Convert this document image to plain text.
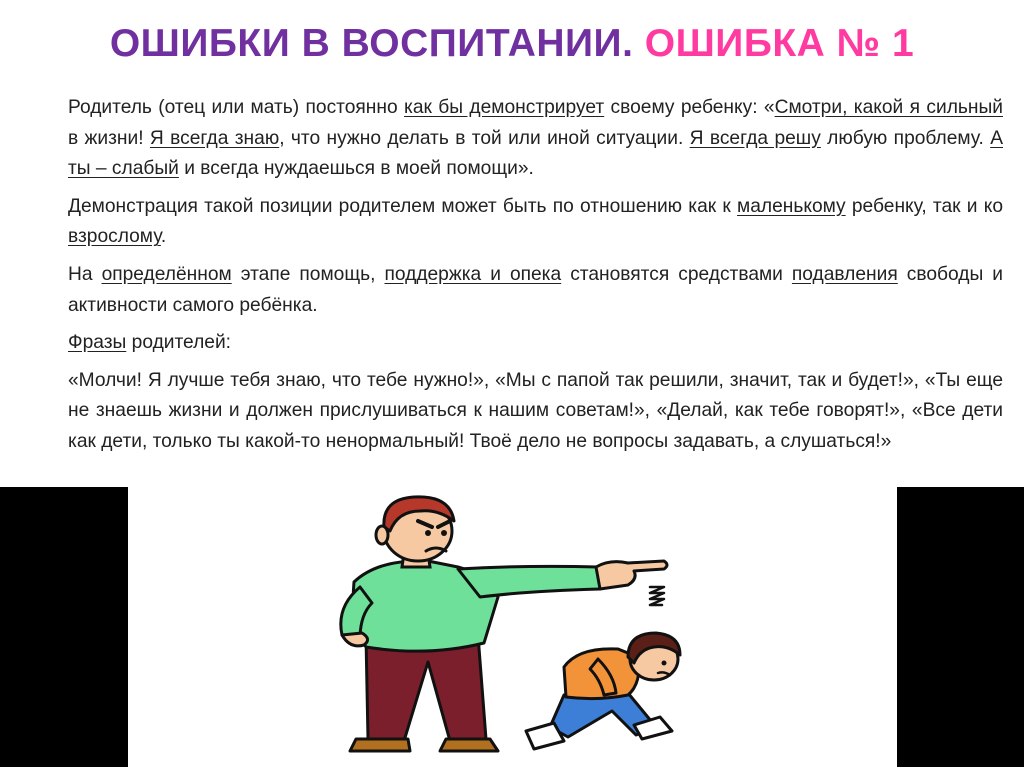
ОШИБКИ В ВОСПИТАНИИ. ОШИБКА № 1

Родитель (отец или мать) постоянно как бы демонстрирует своему ребенку: «Смотри, какой я сильный в жизни! Я всегда знаю, что нужно делать в той или иной ситуации. Я всегда решу любую проблему. А ты – слабый и всегда нуждаешься в моей помощи».

Демонстрация такой позиции родителем может быть по отношению как к маленькому ребенку, так и ко взрослому.

На определённом этапе помощь, поддержка и опека становятся средствами подавления свободы и активности самого ребёнка.

Фразы родителей:

«Молчи! Я лучше тебя знаю, что тебе нужно!», «Мы с папой так решили, значит, так и будет!», «Ты еще не знаешь жизни и должен прислушиваться к нашим советам!», «Делай, как тебе говорят!», «Все дети как дети, только ты какой-то ненормальный! Твоё дело не вопросы задавать, а слушаться!»
